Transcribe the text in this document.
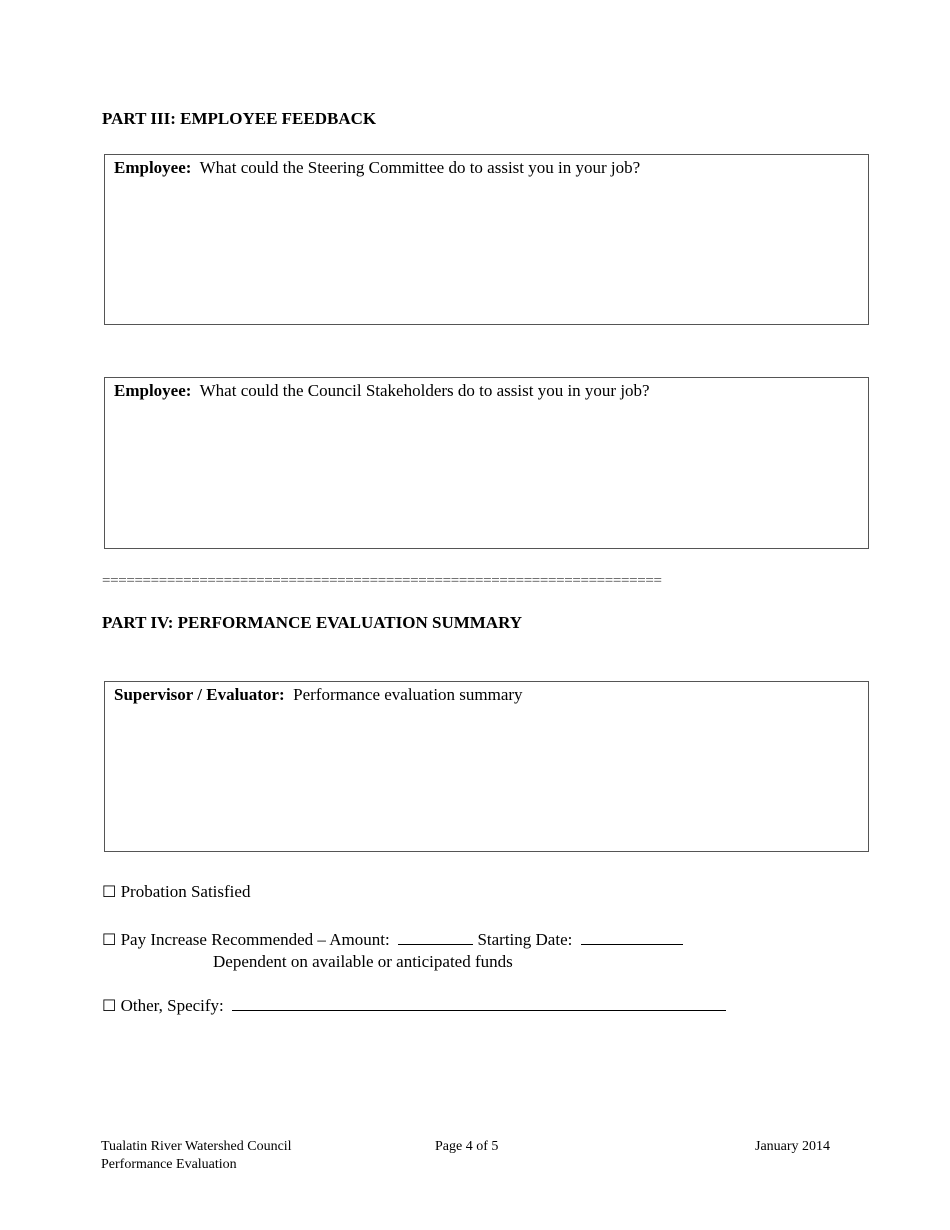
PART III: EMPLOYEE FEEDBACK
Employee: What could the Steering Committee do to assist you in your job?
Employee: What could the Council Stakeholders do to assist you in your job?
=====================================================================
PART IV: PERFORMANCE EVALUATION SUMMARY
Supervisor / Evaluator: Performance evaluation summary
☐ Probation Satisfied
☐ Pay Increase Recommended – Amount:	Starting Date:
Dependent on available or anticipated funds
☐ Other, Specify:
Tualatin River Watershed Council
Performance Evaluation
Page 4 of 5	January 2014
